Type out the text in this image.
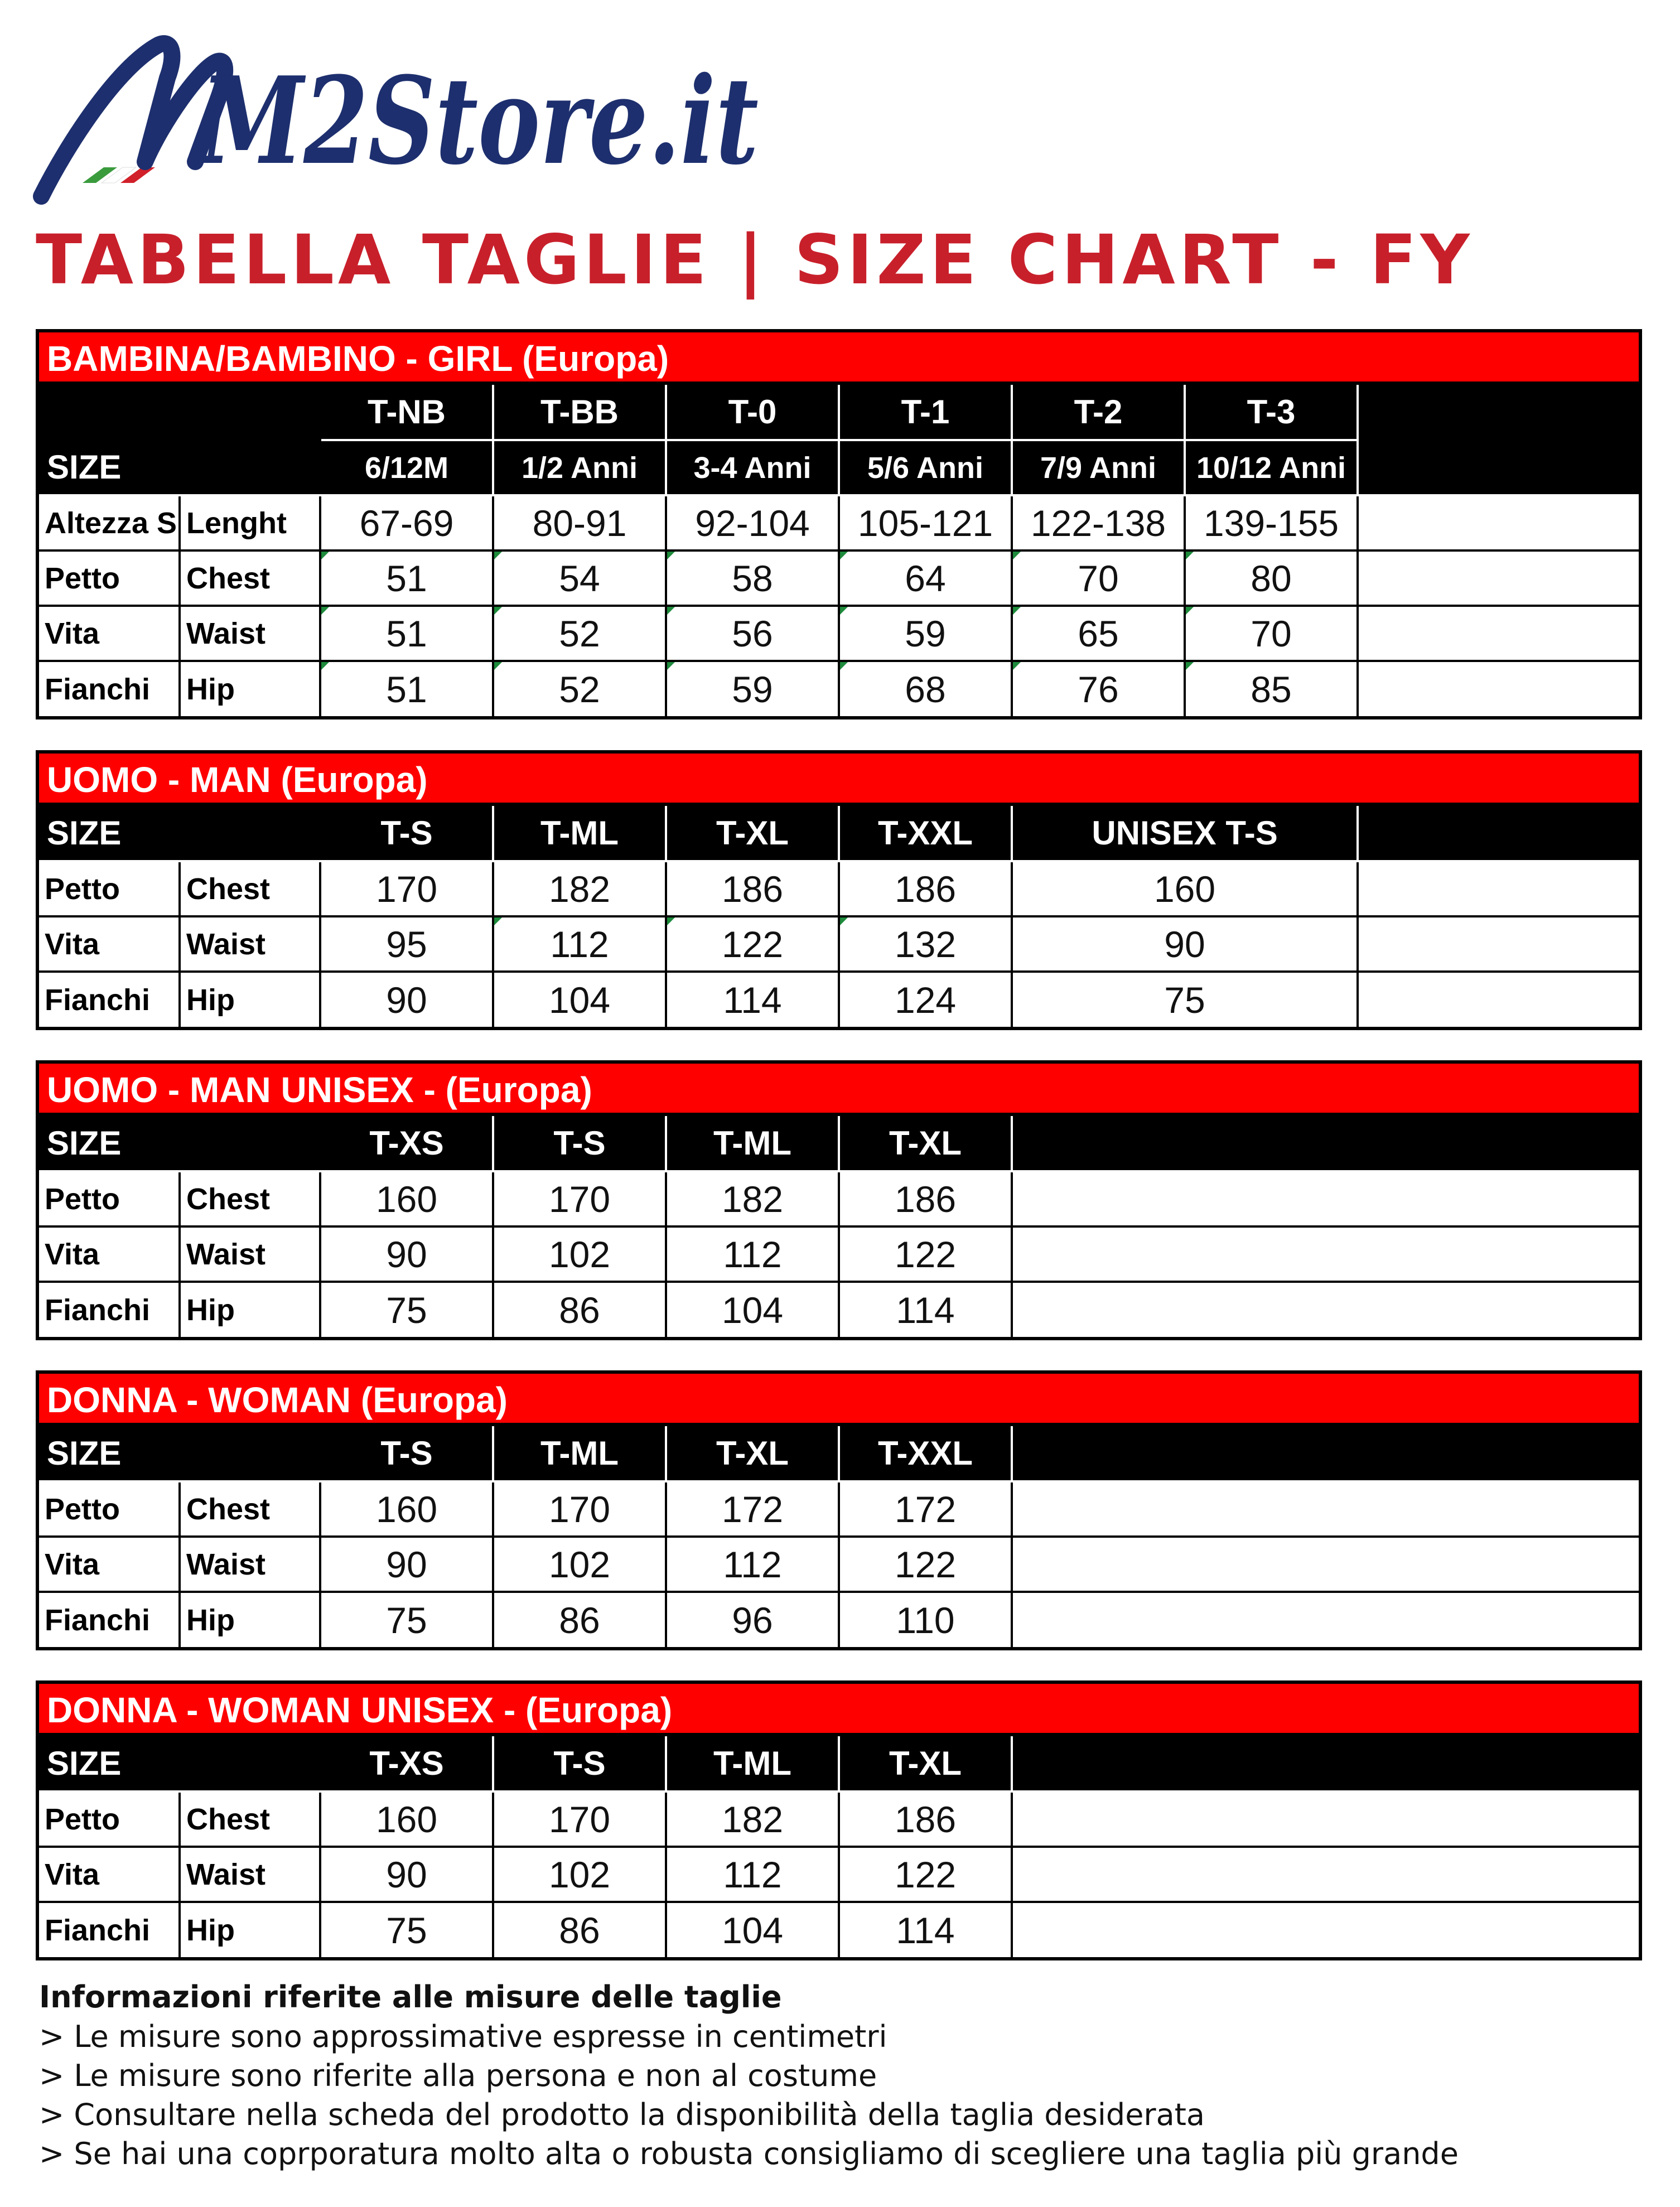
M2Store.it
TABELLA TAGLIE | SIZE CHART - FY
BAMBINA/BAMBINO - GIRL (Europa)
SIZE		T-NB	T-BB	T-0	T-1	T-2	T-3	
		6/12M	1/2 Anni	3-4 Anni	5/6 Anni	7/9 Anni	10/12 Anni	
Altezza S	Lenght	67-69	80-91	92-104	105-121	122-138	139-155	
Petto	Chest	51	54	58	64	70	80	
Vita	Waist	51	52	56	59	65	70	
Fianchi	Hip	51	52	59	68	76	85	
UOMO - MAN (Europa)
SIZE		T-S	T-ML	T-XL	T-XXL	UNISEX T-S	
Petto	Chest	170	182	186	186	160	
Vita	Waist	95	112	122	132	90	
Fianchi	Hip	90	104	114	124	75	
UOMO - MAN UNISEX - (Europa)
SIZE		T-XS	T-S	T-ML	T-XL	
Petto	Chest	160	170	182	186	
Vita	Waist	90	102	112	122	
Fianchi	Hip	75	86	104	114	
DONNA - WOMAN (Europa)
SIZE		T-S	T-ML	T-XL	T-XXL	
Petto	Chest	160	170	172	172	
Vita	Waist	90	102	112	122	
Fianchi	Hip	75	86	96	110	
DONNA - WOMAN UNISEX - (Europa)
SIZE		T-XS	T-S	T-ML	T-XL	
Petto	Chest	160	170	182	186	
Vita	Waist	90	102	112	122	
Fianchi	Hip	75	86	104	114	
Informazioni riferite alle misure delle taglie
> Le misure sono approssimative espresse in centimetri
> Le misure sono riferite alla persona e non al costume
> Consultare nella scheda del prodotto la disponibilità della taglia desiderata
> Se hai una coprporatura molto alta o robusta consigliamo di scegliere una taglia più grande
